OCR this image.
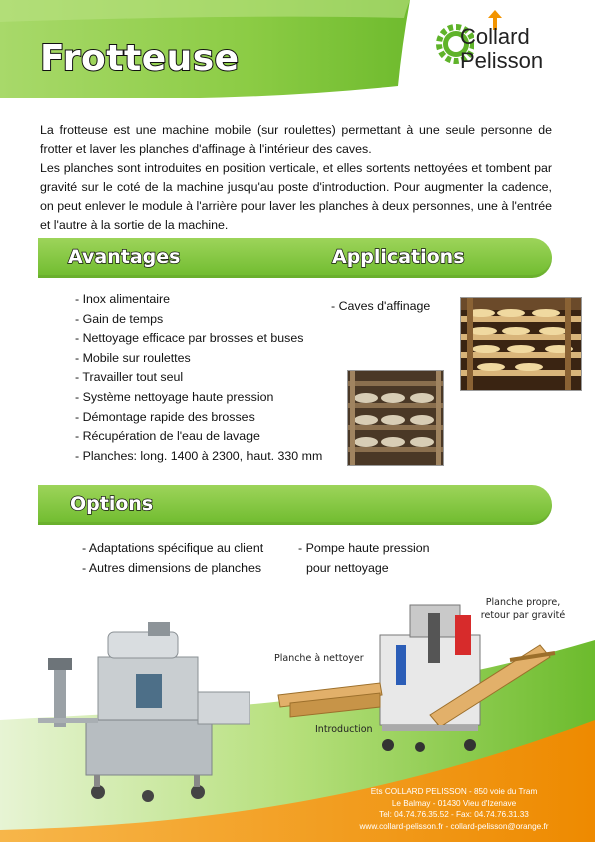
Frotteuse
Collard
Pelisson

La frotteuse est une machine mobile (sur roulettes) permettant à une seule personne de frotter et laver les planches d'affinage à l'intérieur des caves.

Les planches sont introduites en position verticale, et elles sortents nettoyées et tombent par gravité sur le coté de la machine jusqu'au poste d'introduction. Pour augmenter la cadence, on peut enlever le module à l'arrière pour laver les planches à deux personnes, une à l'entrée et l'autre à la sortie de la machine.

Avantages	Applications
- Inox alimentaire
- Gain de temps
- Nettoyage efficace par brosses et buses
- Mobile sur roulettes
- Travailler tout seul
- Système nettoyage haute pression
- Démontage rapide des brosses
- Récupération de l'eau de lavage
- Planches: long. 1400 à 2300, haut. 330 mm
- Caves d'affinage
Options
- Adaptations spécifique au client
- Autres dimensions de planches
- Pompe haute pression
pour nettoyage
Planche propre,
retour par gravité
Planche à nettoyer
Introduction
Ets COLLARD PELISSON - 850 voie du Tram
Le Balmay - 01430 Vieu d'Izenave
Tel: 04.74.76.35.52 - Fax: 04.74.76.31.33
www.collard-pelisson.fr - collard-pelisson@orange.fr
